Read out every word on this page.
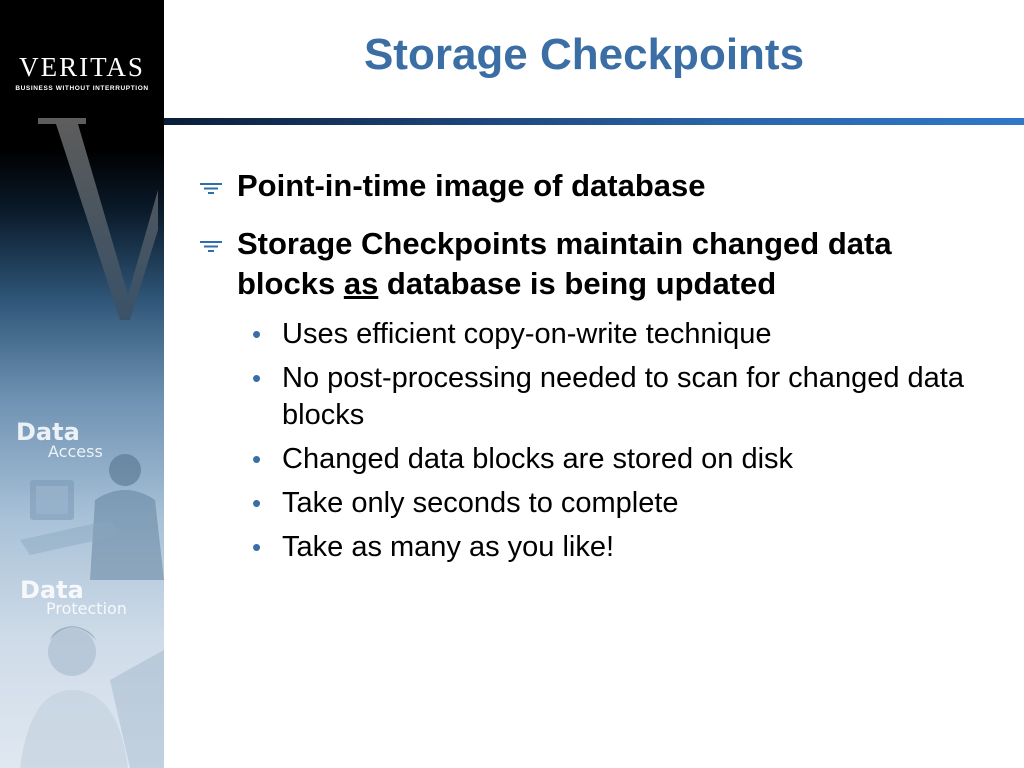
VERITAS
BUSINESS WITHOUT INTERRUPTION
Data
Access
Data
Protection
Storage Checkpoints
Point-in-time image of database
Storage Checkpoints maintain changed data blocks as database is being updated
• Uses efficient copy-on-write technique
• No post-processing needed to scan for changed data blocks
• Changed data blocks are stored on disk
• Take only seconds to complete
• Take as many as you like!
